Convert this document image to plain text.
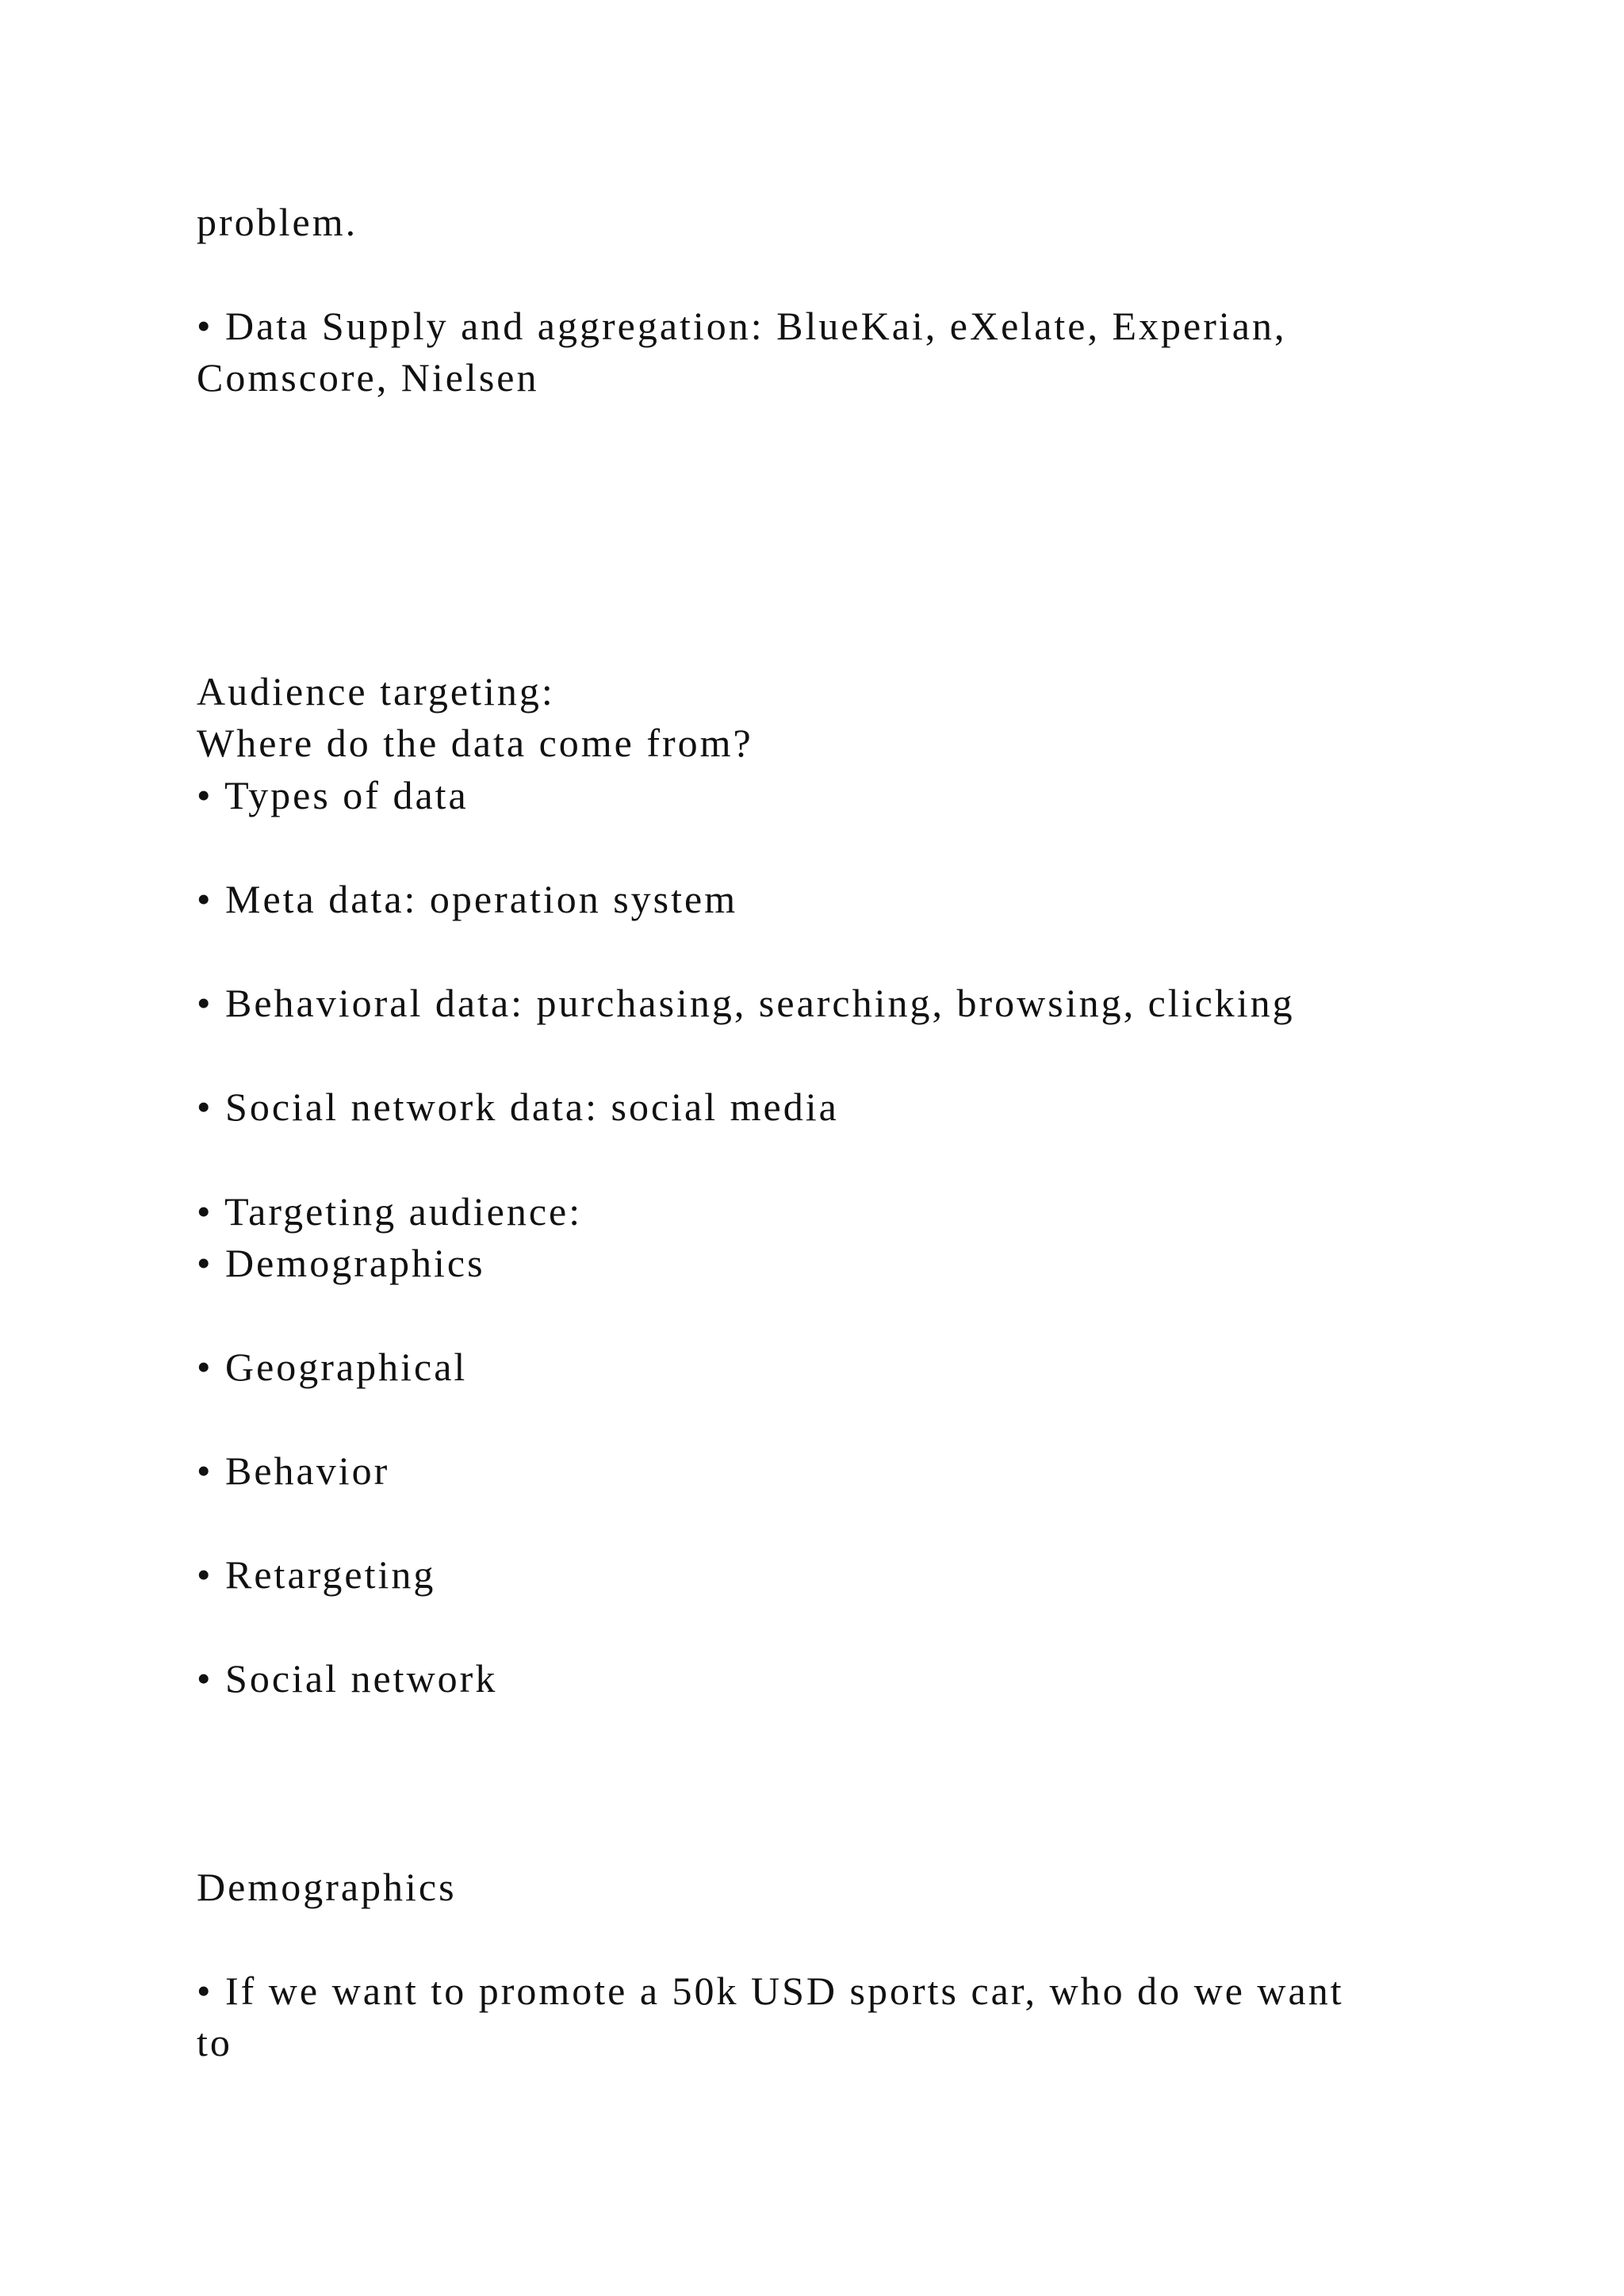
problem.
• Data Supply and aggregation: BlueKai, eXelate, Experian,
Comscore, Nielsen
Audience targeting:
Where do the data come from?
• Types of data
• Meta data: operation system
• Behavioral data: purchasing, searching, browsing, clicking
• Social network data: social media
• Targeting audience:
• Demographics
• Geographical
• Behavior
• Retargeting
• Social network
Demographics
• If we want to promote a 50k USD sports car, who do we want
to
